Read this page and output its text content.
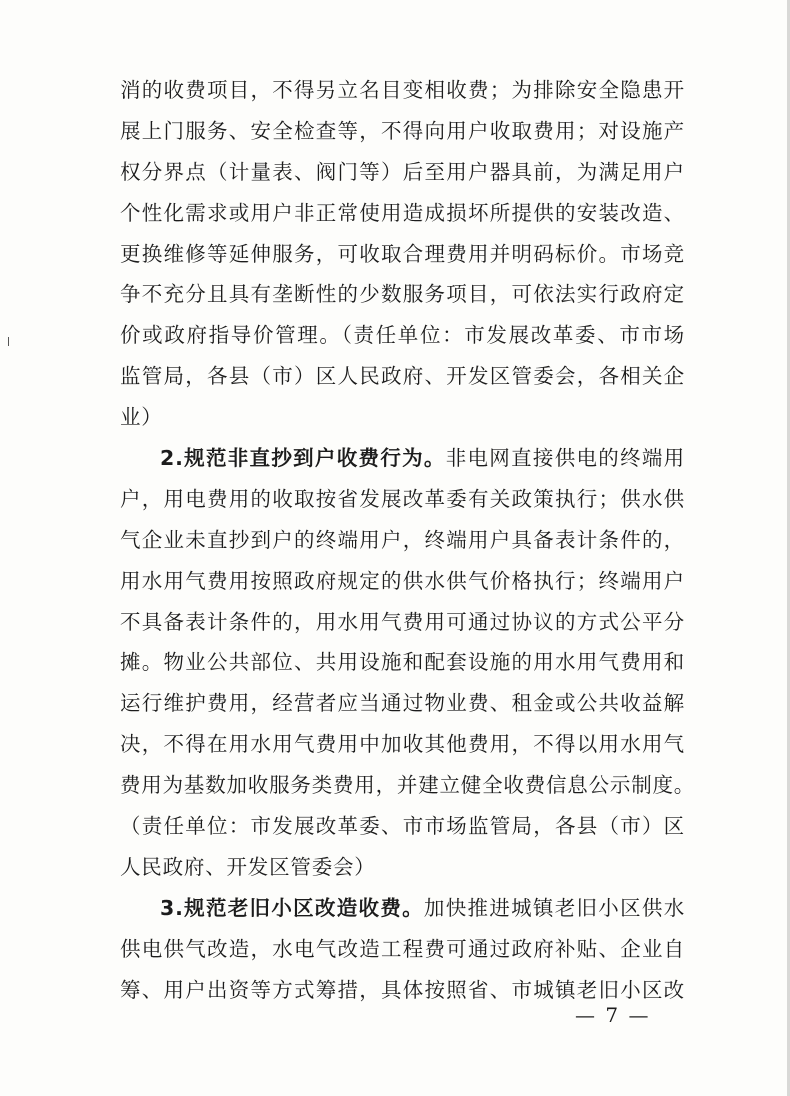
消的收费项目，不得另立名目变相收费；为排除安全隐患开
展上门服务、安全检查等，不得向用户收取费用；对设施产
权分界点（计量表、阀门等）后至用户器具前，为满足用户
个性化需求或用户非正常使用造成损坏所提供的安装改造、
更换维修等延伸服务，可收取合理费用并明码标价。市场竞
争不充分且具有垄断性的少数服务项目，可依法实行政府定
价或政府指导价管理。（责任单位：市发展改革委、市市场
监管局，各县（市）区人民政府、开发区管委会，各相关企
业）
2.规范非直抄到户收费行为。非电网直接供电的终端用
户，用电费用的收取按省发展改革委有关政策执行；供水供
气企业未直抄到户的终端用户，终端用户具备表计条件的，
用水用气费用按照政府规定的供水供气价格执行；终端用户
不具备表计条件的，用水用气费用可通过协议的方式公平分
摊。物业公共部位、共用设施和配套设施的用水用气费用和
运行维护费用，经营者应当通过物业费、租金或公共收益解
决，不得在用水用气费用中加收其他费用，不得以用水用气
费用为基数加收服务类费用，并建立健全收费信息公示制度。
（责任单位：市发展改革委、市市场监管局，各县（市）区
人民政府、开发区管委会）
3.规范老旧小区改造收费。加快推进城镇老旧小区供水
供电供气改造，水电气改造工程费可通过政府补贴、企业自
筹、用户出资等方式筹措，具体按照省、市城镇老旧小区改
— 7 —
